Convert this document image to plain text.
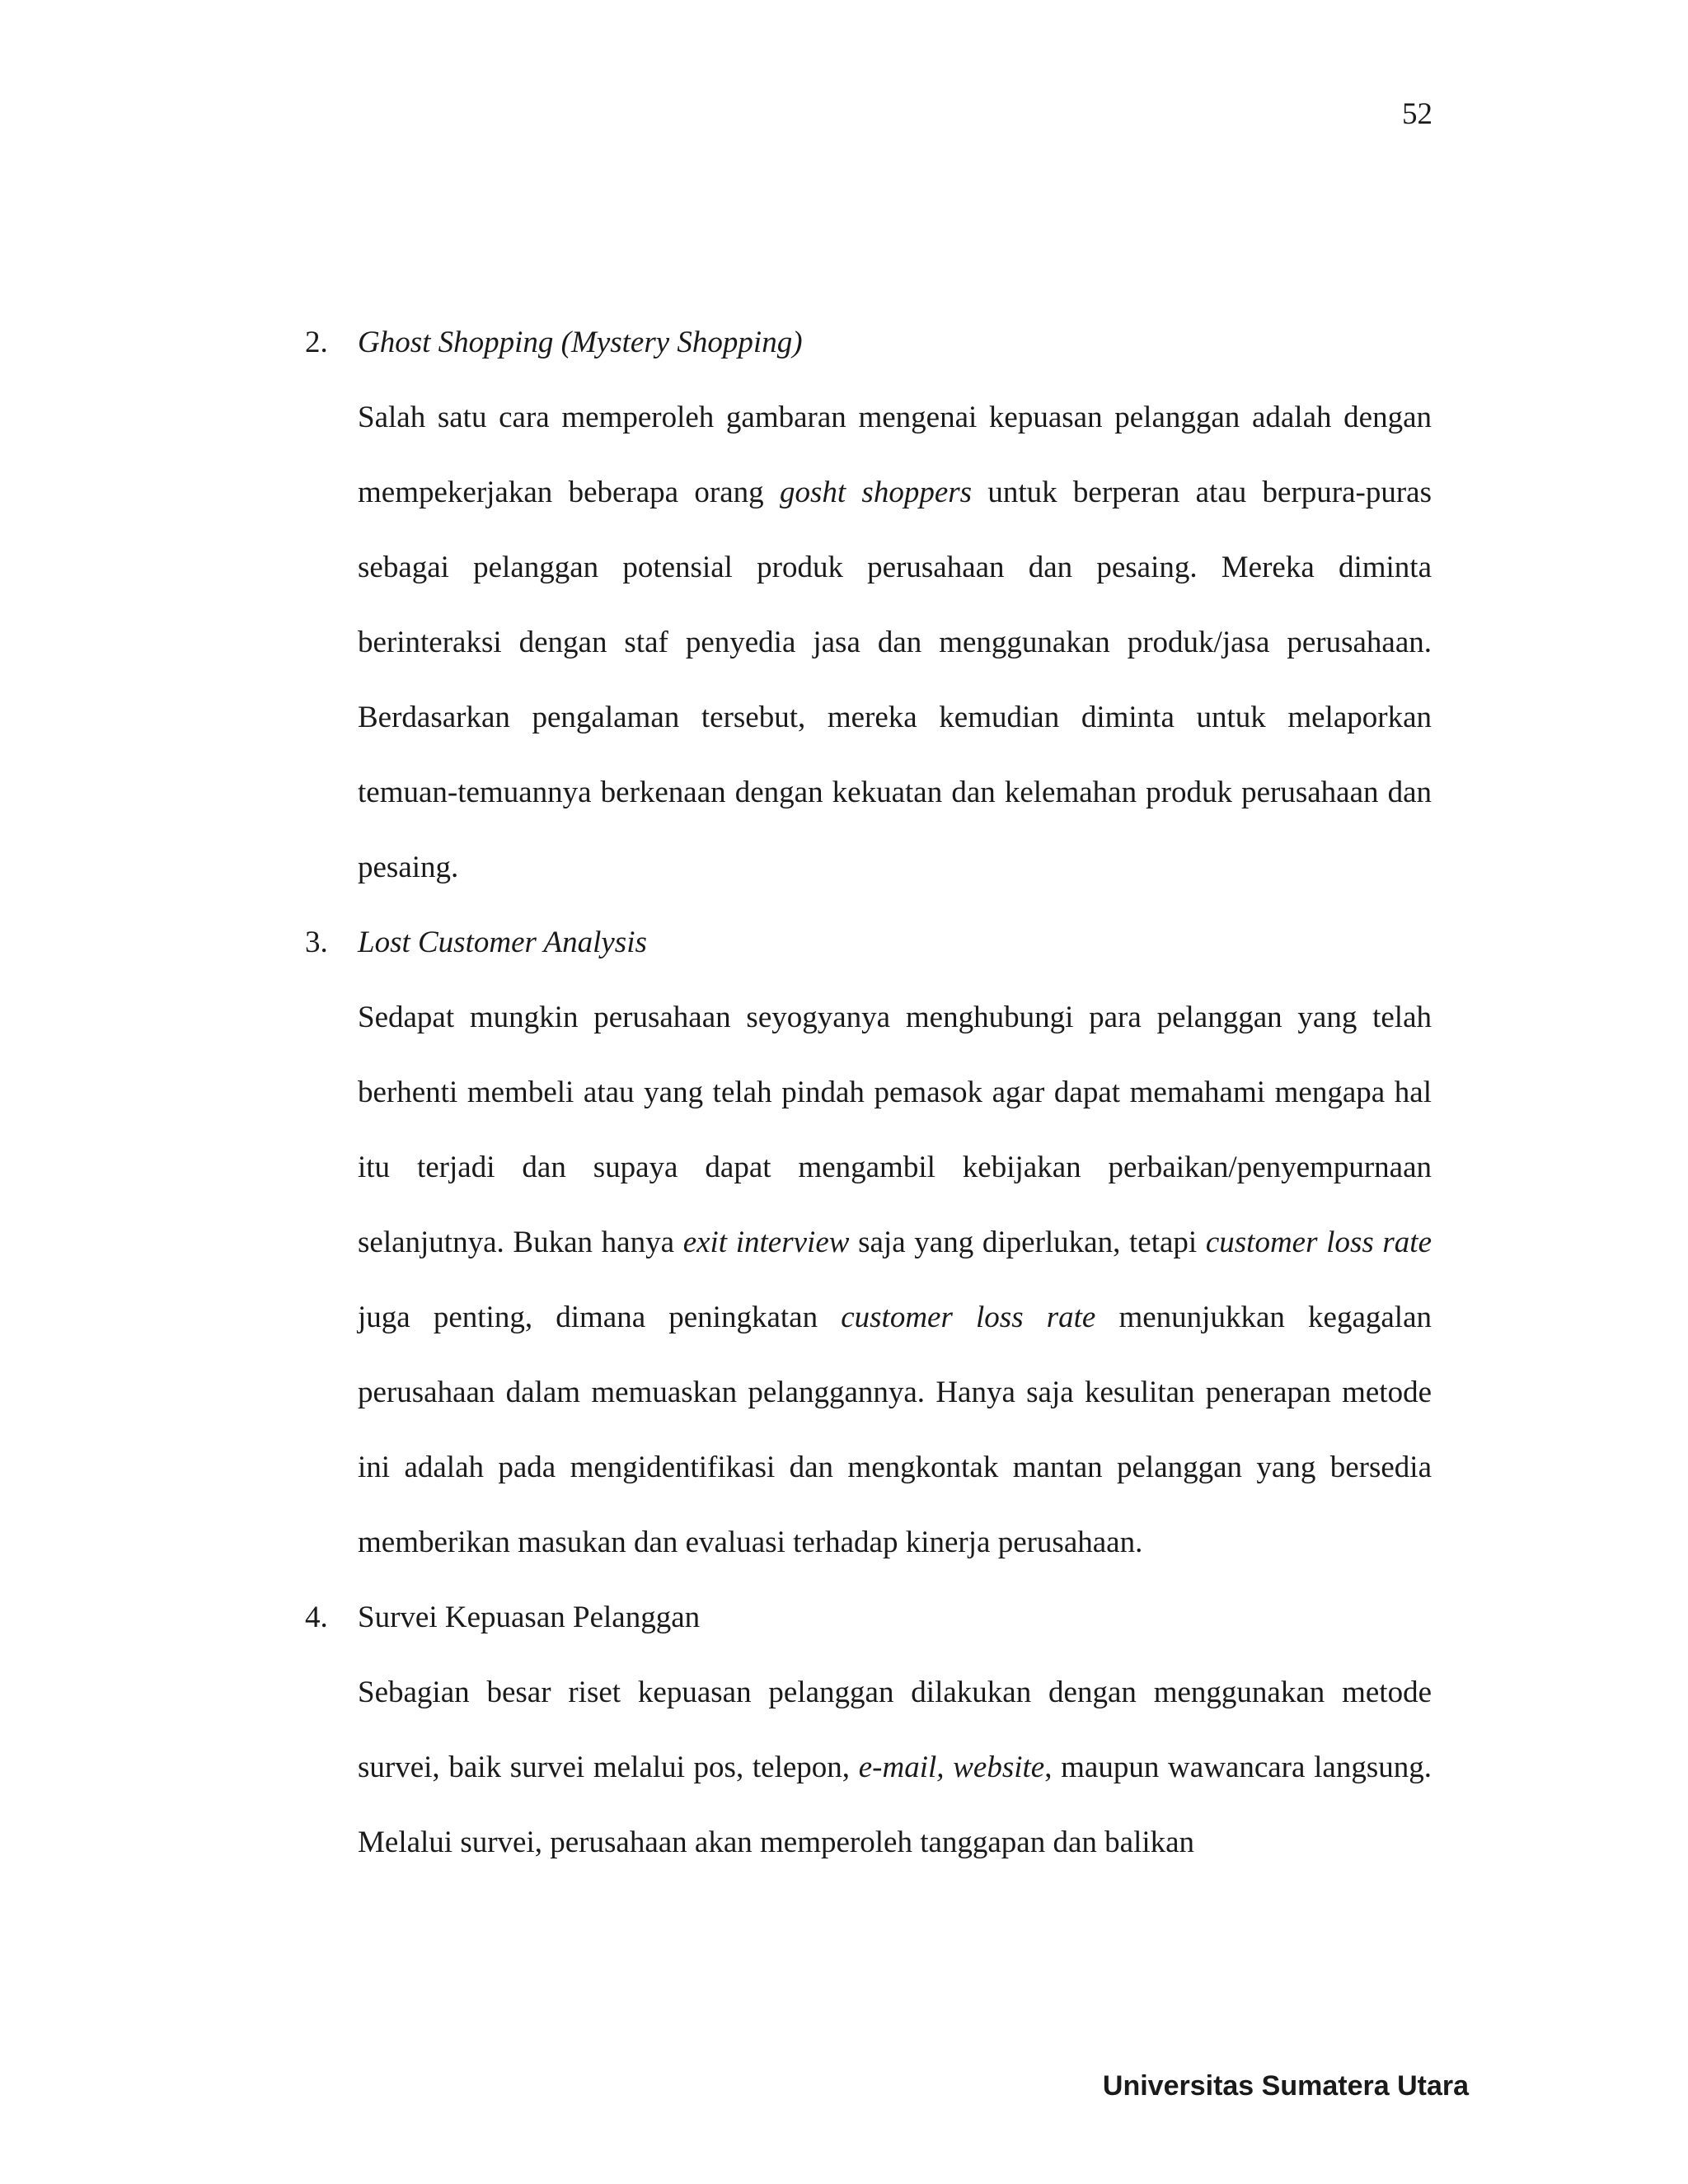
52
2. Ghost Shopping (Mystery Shopping)

Salah satu cara memperoleh gambaran mengenai kepuasan pelanggan adalah dengan mempekerjakan beberapa orang gosht shoppers untuk berperan atau berpura-puras sebagai pelanggan potensial produk perusahaan dan pesaing. Mereka diminta berinteraksi dengan staf penyedia jasa dan menggunakan produk/jasa perusahaan. Berdasarkan pengalaman tersebut, mereka kemudian diminta untuk melaporkan temuan-temuannya berkenaan dengan kekuatan dan kelemahan produk perusahaan dan pesaing.

3. Lost Customer Analysis

Sedapat mungkin perusahaan seyogyanya menghubungi para pelanggan yang telah berhenti membeli atau yang telah pindah pemasok agar dapat memahami mengapa hal itu terjadi dan supaya dapat mengambil kebijakan perbaikan/penyempurnaan selanjutnya. Bukan hanya exit interview saja yang diperlukan, tetapi customer loss rate juga penting, dimana peningkatan customer loss rate menunjukkan kegagalan perusahaan dalam memuaskan pelanggannya. Hanya saja kesulitan penerapan metode ini adalah pada mengidentifikasi dan mengkontak mantan pelanggan yang bersedia memberikan masukan dan evaluasi terhadap kinerja perusahaan.

4. Survei Kepuasan Pelanggan

Sebagian besar riset kepuasan pelanggan dilakukan dengan menggunakan metode survei, baik survei melalui pos, telepon, e-mail, website, maupun wawancara langsung. Melalui survei, perusahaan akan memperoleh tanggapan dan balikan

Universitas Sumatera Utara
